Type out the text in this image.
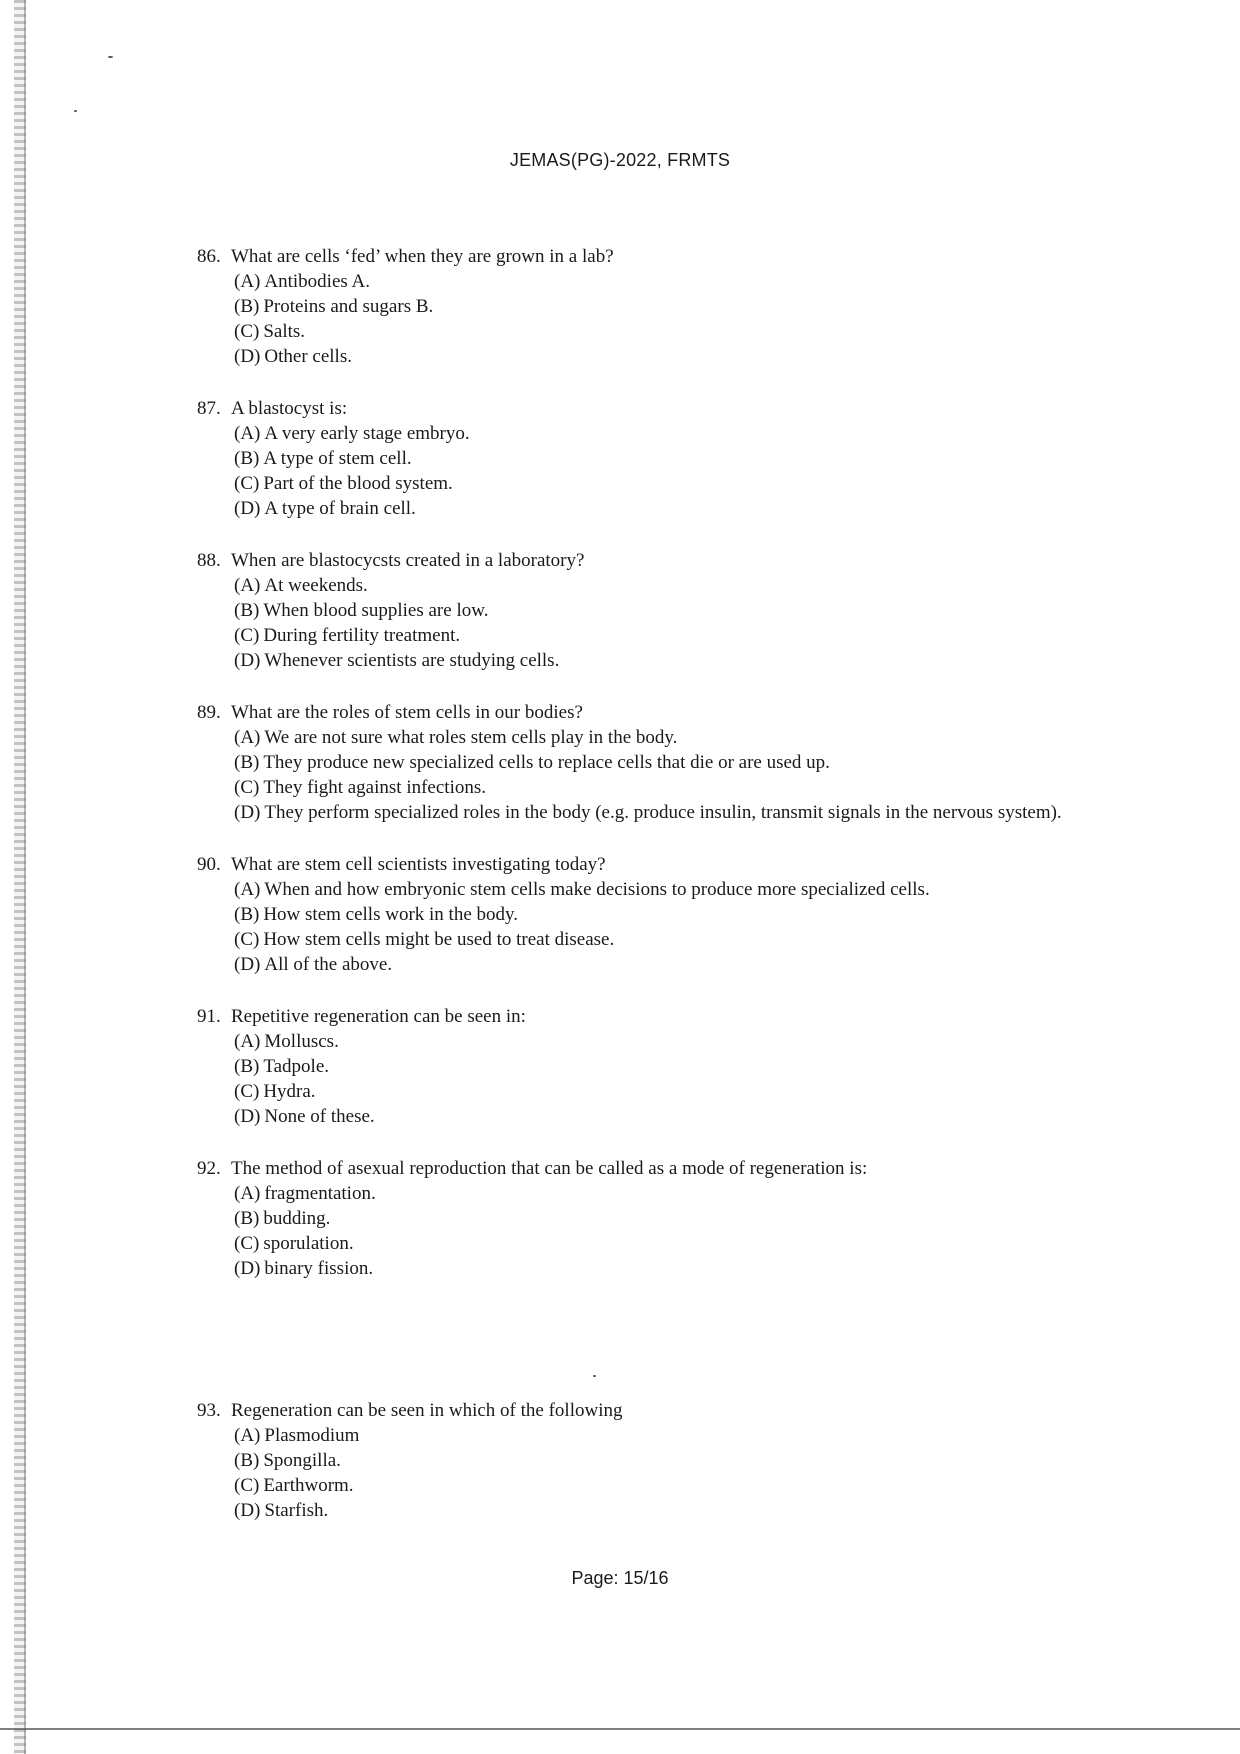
JEMAS(PG)-2022, FRMTS
86. What are cells ‘fed’ when they are grown in a lab?
(A) Antibodies A.
(B) Proteins and sugars B.
(C) Salts.
(D) Other cells.
87. A blastocyst is:
(A) A very early stage embryo.
(B) A type of stem cell.
(C) Part of the blood system.
(D) A type of brain cell.
88. When are blastocycsts created in a laboratory?
(A) At weekends.
(B) When blood supplies are low.
(C) During fertility treatment.
(D) Whenever scientists are studying cells.
89. What are the roles of stem cells in our bodies?
(A) We are not sure what roles stem cells play in the body.
(B) They produce new specialized cells to replace cells that die or are used up.
(C) They fight against infections.
(D) They perform specialized roles in the body (e.g. produce insulin, transmit signals in the nervous system).
90. What are stem cell scientists investigating today?
(A) When and how embryonic stem cells make decisions to produce more specialized cells.
(B) How stem cells work in the body.
(C) How stem cells might be used to treat disease.
(D) All of the above.
91. Repetitive regeneration can be seen in:
(A) Molluscs.
(B) Tadpole.
(C) Hydra.
(D) None of these.
92. The method of asexual reproduction that can be called as a mode of regeneration is:
(A) fragmentation.
(B) budding.
(C) sporulation.
(D) binary fission.
93. Regeneration can be seen in which of the following
(A) Plasmodium
(B) Spongilla.
(C) Earthworm.
(D) Starfish.
Page: 15/16
